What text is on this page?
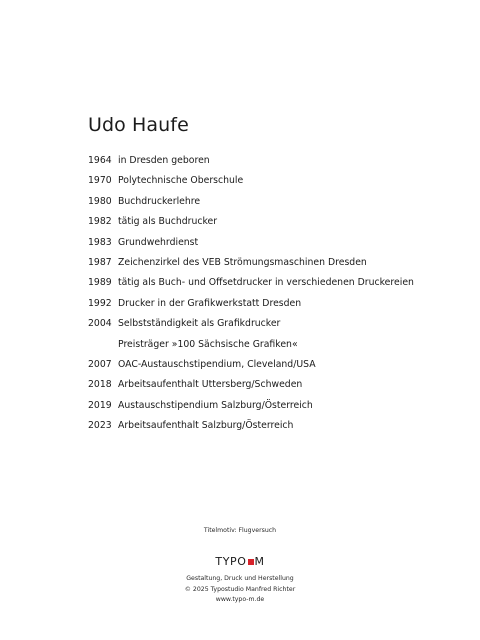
Udo Haufe
1964 in Dresden geboren
1970 Polytechnische Oberschule
1980 Buchdruckerlehre
1982 tätig als Buchdrucker
1983 Grundwehrdienst
1987 Zeichenzirkel des VEB Strömungsmaschinen Dresden
1989 tätig als Buch- und Offsetdrucker in verschiedenen Druckereien
1992 Drucker in der Grafikwerkstatt Dresden
2004 Selbstständigkeit als Grafikdrucker
Preisträger »100 Sächsische Grafiken«
2007 OAC-Austauschstipendium, Cleveland/USA
2018 Arbeitsaufenthalt Uttersberg/Schweden
2019 Austauschstipendium Salzburg/Österreich
2023 Arbeitsaufenthalt Salzburg/Österreich
Titelmotiv: Flugversuch
TYPO M
Gestaltung, Druck und Herstellung
© 2025 Typostudio Manfred Richter
www.typo-m.de
